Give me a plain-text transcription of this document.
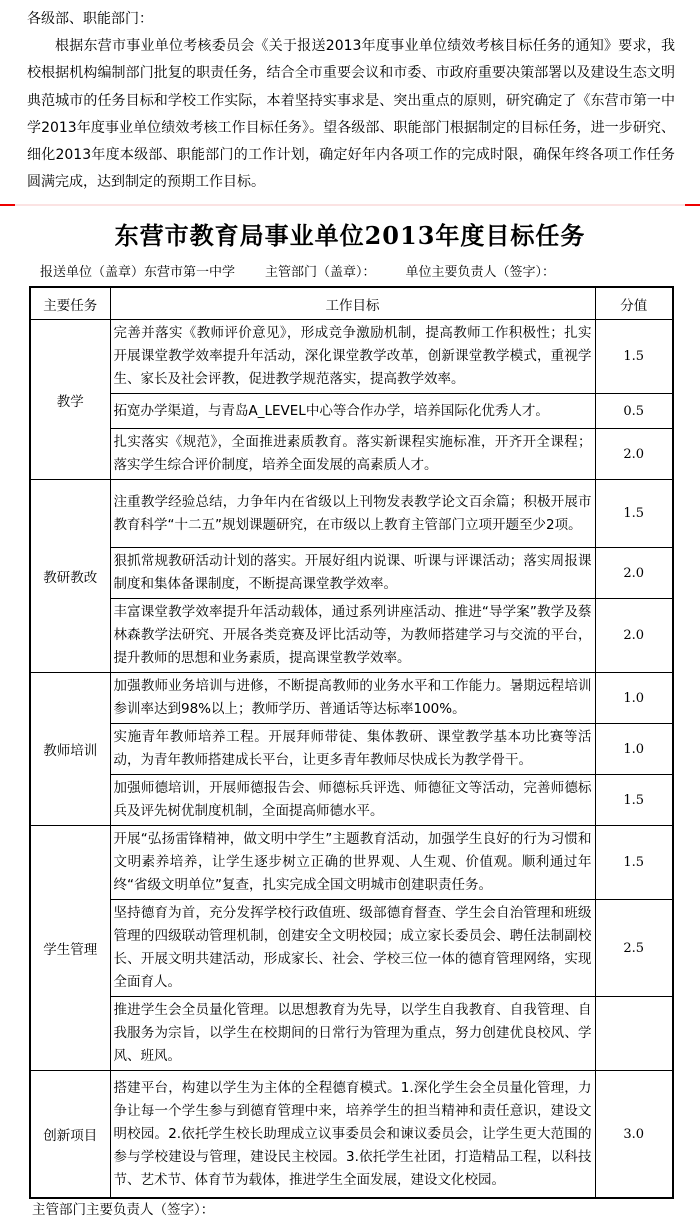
各级部、职能部门：

根据东营市事业单位考核委员会《关于报送2013年度事业单位绩效考核目标任务的通知》要求，我校根据机构编制部门批复的职责任务，结合全市重要会议和市委、市政府重要决策部署以及建设生态文明典范城市的任务目标和学校工作实际，本着坚持实事求是、突出重点的原则，研究确定了《东营市第一中学2013年度事业单位绩效考核工作目标任务》。望各级部、职能部门根据制定的目标任务，进一步研究、细化2013年度本级部、职能部门的工作计划，确定好年内各项工作的完成时限，确保年终各项工作任务圆满完成，达到制定的预期工作目标。

东营市教育局事业单位2013年度目标任务
报送单位（盖章）东营市第一中学 主管部门（盖章）： 单位主要负责人（签字）：
主要任务	工作目标	分值
教学	完善并落实《教师评价意见》，形成竞争激励机制，提高教师工作积极性；扎实开展课堂教学效率提升年活动，深化课堂教学改革，创新课堂教学模式，重视学生、家长及社会评教，促进教学规范落实，提高教学效率。	1.5
	拓宽办学渠道，与青岛A_LEVEL中心等合作办学，培养国际化优秀人才。	0.5
	扎实落实《规范》，全面推进素质教育。落实新课程实施标准，开齐开全课程；落实学生综合评价制度，培养全面发展的高素质人才。	2.0
教研教改	注重教学经验总结，力争年内在省级以上刊物发表教学论文百余篇；积极开展市教育科学“十二五”规划课题研究，在市级以上教育主管部门立项开题至少2项。	1.5
	狠抓常规教研活动计划的落实。开展好组内说课、听课与评课活动；落实周报课制度和集体备课制度，不断提高课堂教学效率。	2.0
	丰富课堂教学效率提升年活动载体，通过系列讲座活动、推进“导学案”教学及蔡林森教学法研究、开展各类竞赛及评比活动等，为教师搭建学习与交流的平台，提升教师的思想和业务素质，提高课堂教学效率。	2.0
教师培训	加强教师业务培训与进修，不断提高教师的业务水平和工作能力。暑期远程培训参训率达到98%以上；教师学历、普通话等达标率100%。	1.0
	实施青年教师培养工程。开展拜师带徒、集体教研、课堂教学基本功比赛等活动，为青年教师搭建成长平台，让更多青年教师尽快成长为教学骨干。	1.0
	加强师德培训，开展师德报告会、师德标兵评选、师德征文等活动，完善师德标兵及评先树优制度机制，全面提高师德水平。	1.5
学生管理	开展“弘扬雷锋精神，做文明中学生”主题教育活动，加强学生良好的行为习惯和文明素养培养，让学生逐步树立正确的世界观、人生观、价值观。顺利通过年终“省级文明单位”复查，扎实完成全国文明城市创建职责任务。	1.5
	坚持德育为首，充分发挥学校行政值班、级部德育督查、学生会自治管理和班级管理的四级联动管理机制，创建安全文明校园；成立家长委员会、聘任法制副校长、开展文明共建活动，形成家长、社会、学校三位一体的德育管理网络，实现全面育人。	2.5
	推进学生会全员量化管理。以思想教育为先导，以学生自我教育、自我管理、自我服务为宗旨，以学生在校期间的日常行为管理为重点，努力创建优良校风、学风、班风。	
创新项目	搭建平台，构建以学生为主体的全程德育模式。1.深化学生会全员量化管理，力争让每一个学生参与到德育管理中来，培养学生的担当精神和责任意识，建设文明校园。2.依托学生校长助理成立议事委员会和谏议委员会，让学生更大范围的参与学校建设与管理，建设民主校园。3.依托学生社团，打造精品工程，以科技节、艺术节、体育节为载体，推进学生全面发展，建设文化校园。	3.0
主管部门主要负责人（签字）：
